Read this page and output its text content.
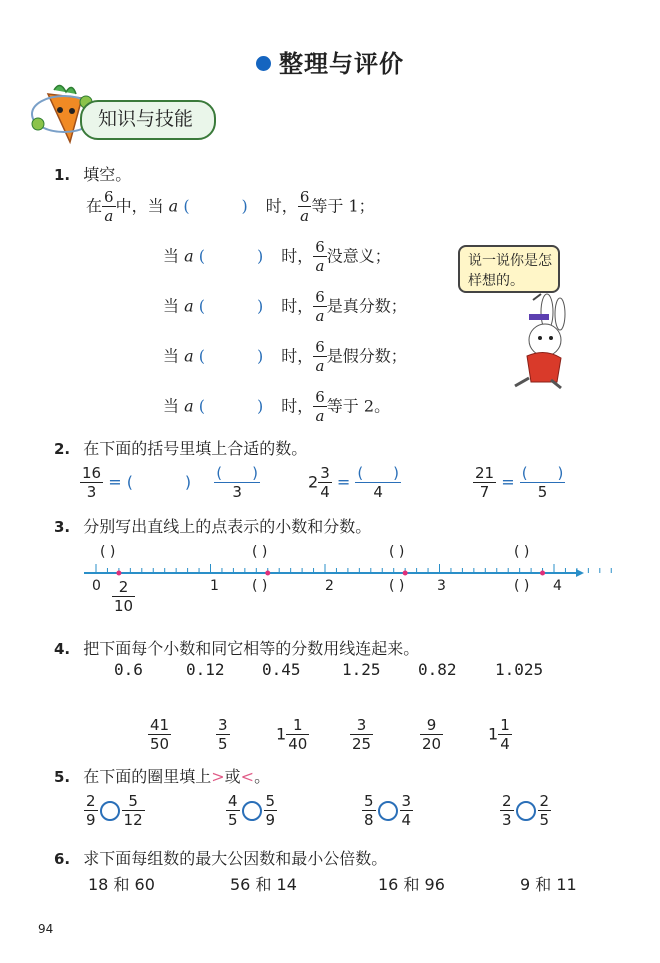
整理与评价
知识与技能
1. 填空。
在 $\frac{6}{a}$ 中，当 a ( )时， $\frac{6}{a}$ 等于 1；
当 a ( )时， $\frac{6}{a}$ 没意义；
当 a ( )时， $\frac{6}{a}$ 是真分数；
当 a ( )时， $\frac{6}{a}$ 是假分数；
当 a ( )时， $\frac{6}{a}$ 等于 2。
说一说你是怎样想的。
2. 在下面的括号里填上合适的数。
$\frac{16}{3}$ = ( ) $\frac{( )}{3}$	$2 \frac{3}{4} = \frac{( )}{4}$	$\frac{21}{7} = \frac{( )}{5}$
3. 分别写出直线上的点表示的小数和分数。
0	1	2	3	4
$\frac{2}{10}$
( )	( )	( )	( )
( )	( )	( )
4. 把下面每个小数和同它相等的分数用线连起来。
0.6	0.12 0.45	1.25 0.82 1.025
$\frac{41}{50}$	$\frac{3}{5}$	$1 \frac{1}{40}$	$\frac{3}{25}$	$\frac{9}{20}$	$1 \frac{1}{4}$
5. 在下面的圈里填上>或<。
$\frac{2}{9} \frac{5}{12}$	$\frac{4}{5} \frac{5}{9}$	$\frac{5}{8} \frac{3}{4}$	$\frac{2}{3} \frac{2}{5}$
6. 求下面每组数的最大公因数和最小公倍数。
18 和 60	56 和 14	16 和 96	9 和 11
94
